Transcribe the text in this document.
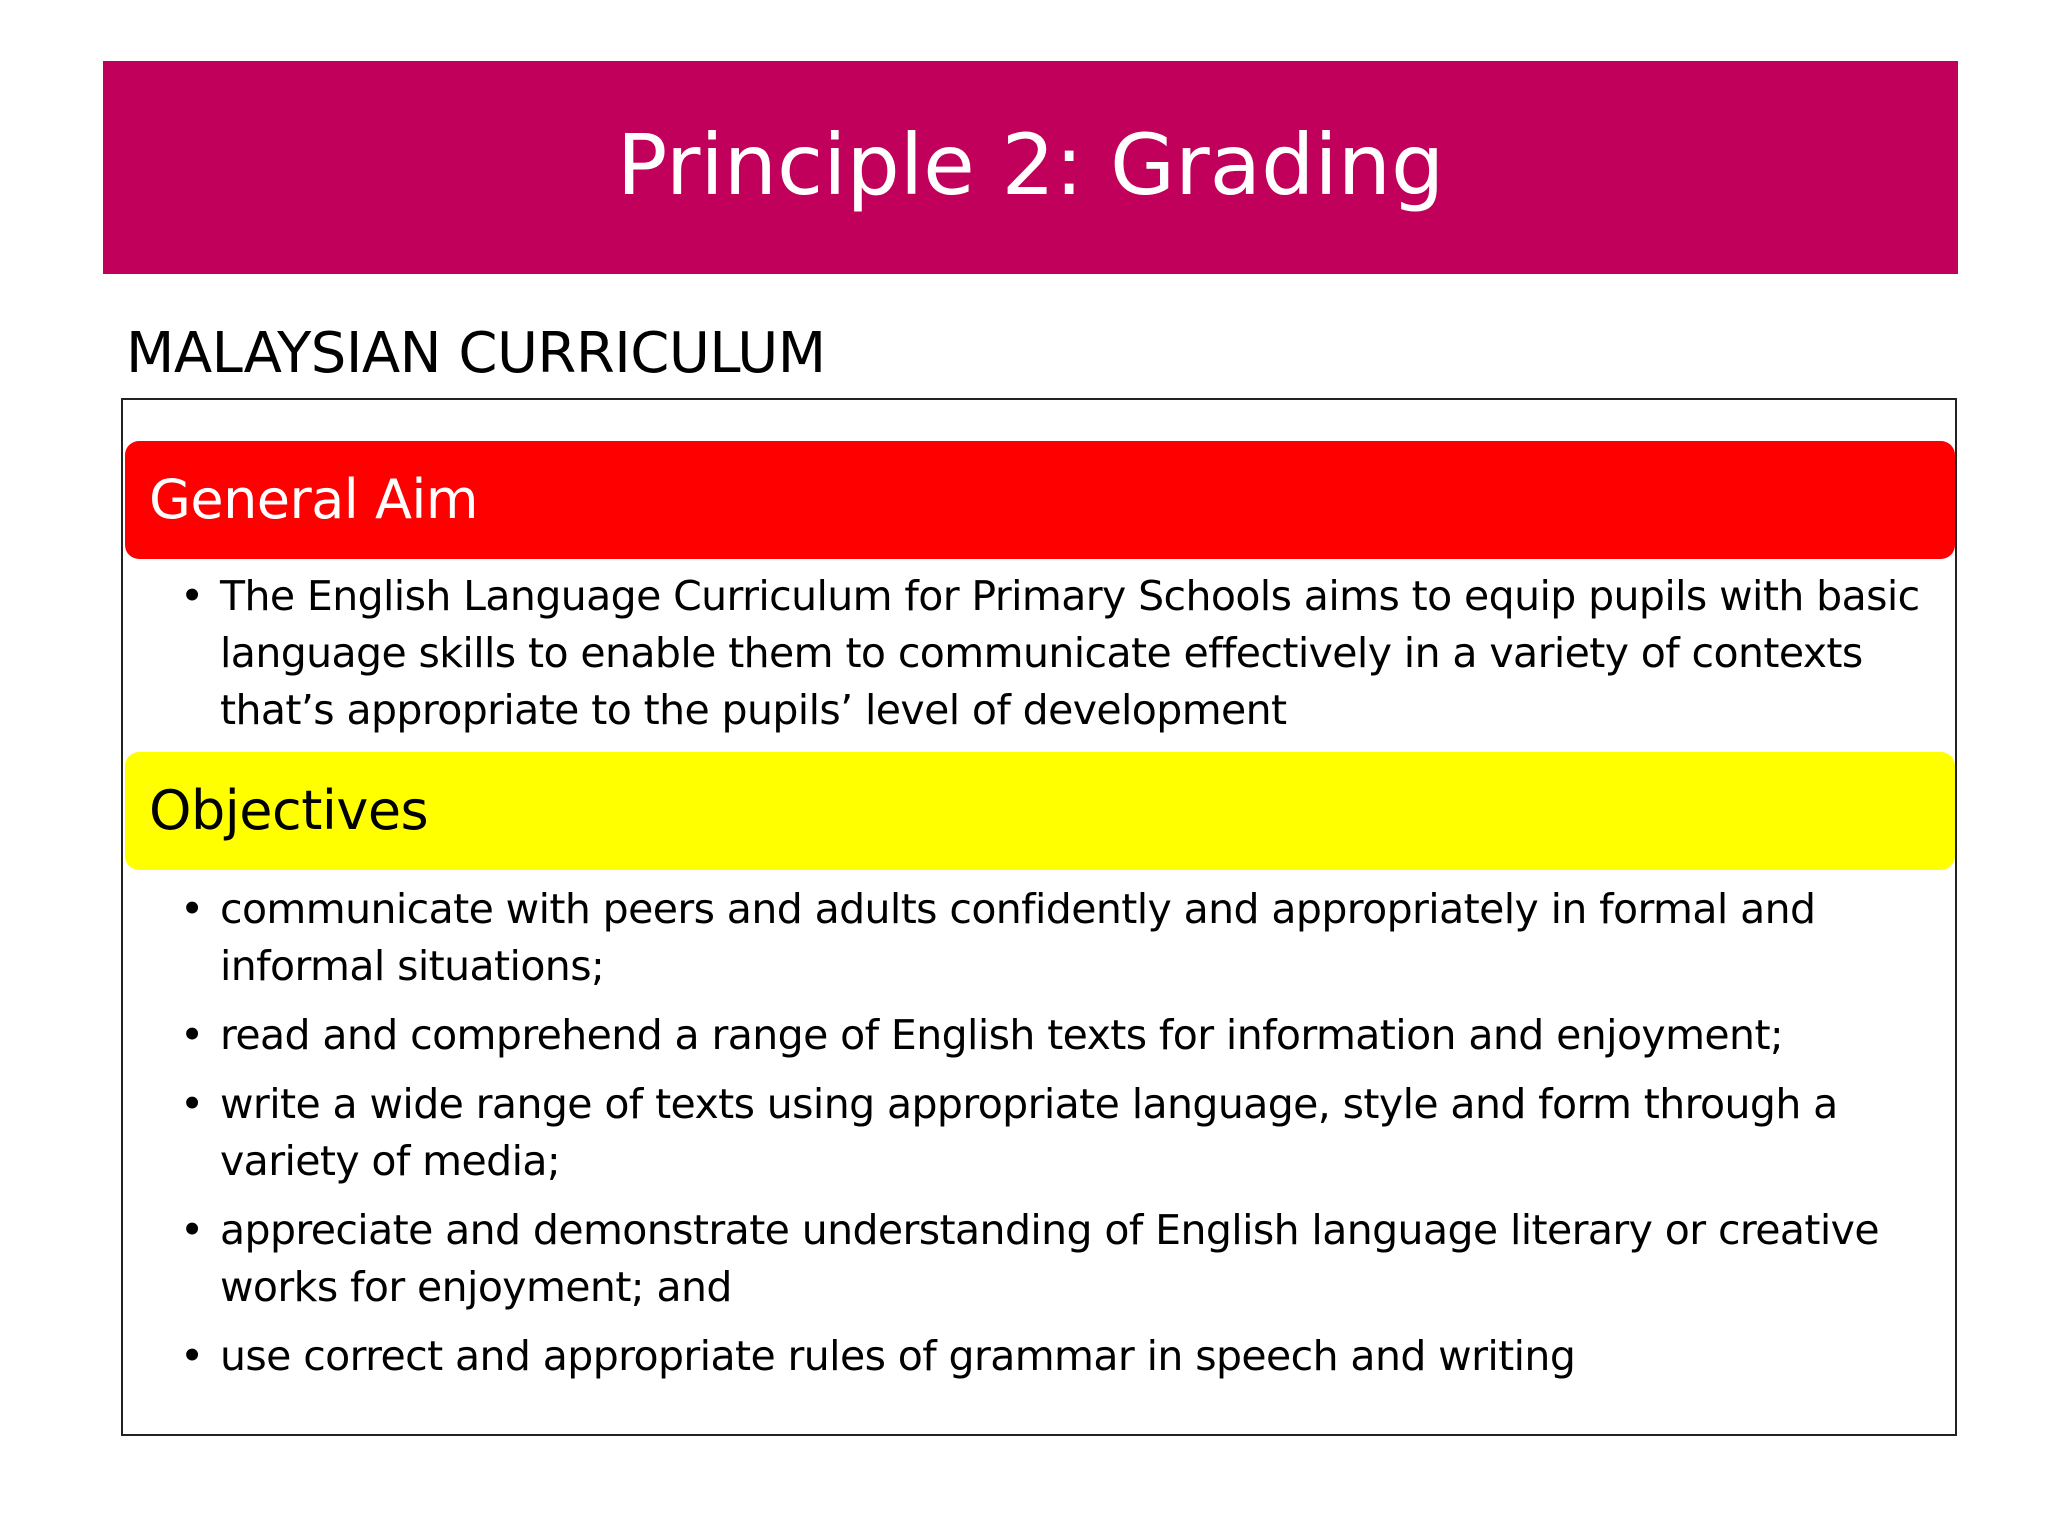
Principle 2: Grading
MALAYSIAN CURRICULUM
General Aim
• The English Language Curriculum for Primary Schools aims to equip pupils with basic language skills to enable them to communicate effectively in a variety of contexts that’s appropriate to the pupils’ level of development
Objectives
• communicate with peers and adults confidently and appropriately in formal and informal situations;
• read and comprehend a range of English texts for information and enjoyment;
• write a wide range of texts using appropriate language, style and form through a variety of media;
• appreciate and demonstrate understanding of English language literary or creative works for enjoyment; and
• use correct and appropriate rules of grammar in speech and writing
